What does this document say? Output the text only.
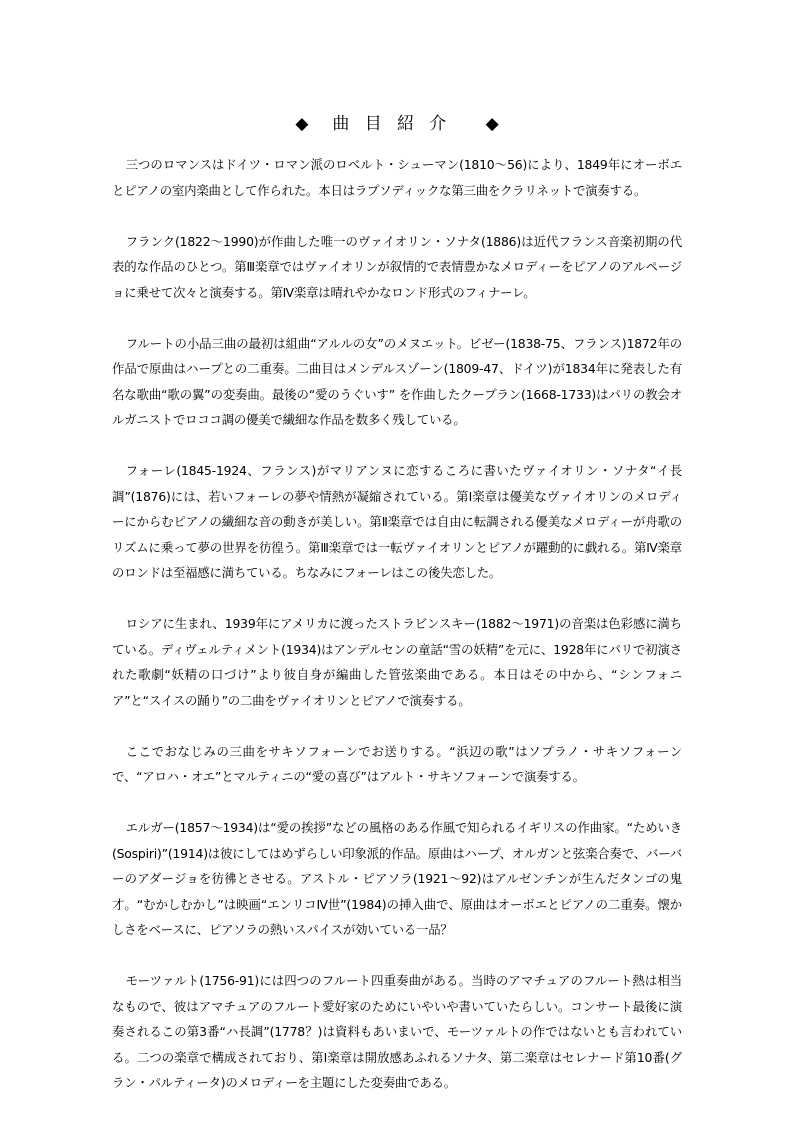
◆ 曲目紹介 ◆

三つのロマンスはドイツ・ロマン派のロベルト・シューマン(1810～56)により、1849年にオーボエとピアノの室内楽曲として作られた。本日はラプソディックな第三曲をクラリネットで演奏する。

フランク(1822～1990)が作曲した唯一のヴァイオリン・ソナタ(1886)は近代フランス音楽初期の代表的な作品のひとつ。第Ⅲ楽章ではヴァイオリンが叙情的で表情豊かなメロディーをピアノのアルページョに乗せて次々と演奏する。第Ⅳ楽章は晴れやかなロンド形式のフィナーレ。

フルートの小品三曲の最初は組曲“アルルの女”のメヌエット。ビゼー(1838-75、フランス)1872年の作品で原曲はハープとの二重奏。二曲目はメンデルスゾーン(1809-47、ドイツ)が1834年に発表した有名な歌曲“歌の翼”の変奏曲。最後の“愛のうぐいす” を作曲したクープラン(1668-1733)はパリの教会オルガニストでロココ調の優美で繊細な作品を数多く残している。

フォーレ(1845-1924、フランス)がマリアンヌに恋するころに書いたヴァイオリン・ソナタ“イ長調”(1876)には、若いフォーレの夢や情熱が凝縮されている。第Ⅰ楽章は優美なヴァイオリンのメロディーにからむピアノの繊細な音の動きが美しい。第Ⅱ楽章では自由に転調される優美なメロディーが舟歌のリズムに乗って夢の世界を彷徨う。第Ⅲ楽章では一転ヴァイオリンとピアノが躍動的に戯れる。第Ⅳ楽章のロンドは至福感に満ちている。ちなみにフォーレはこの後失恋した。

ロシアに生まれ、1939年にアメリカに渡ったストラビンスキー(1882～1971)の音楽は色彩感に満ちている。ディヴェルティメント(1934)はアンデルセンの童話“雪の妖精”を元に、1928年にパリで初演された歌劇“妖精の口づけ”より彼自身が編曲した管弦楽曲である。本日はその中から、“シンフォニア”と“スイスの踊り”の二曲をヴァイオリンとピアノで演奏する。

ここでおなじみの三曲をサキソフォーンでお送りする。“浜辺の歌”はソプラノ・サキソフォーンで、“アロハ・オエ”とマルティニの“愛の喜び”はアルト・サキソフォーンで演奏する。

エルガー(1857～1934)は“愛の挨拶”などの風格のある作風で知られるイギリスの作曲家。“ためいき(Sospiri)”(1914)は彼にしてはめずらしい印象派的作品。原曲はハープ、オルガンと弦楽合奏で、バーバーのアダージョを彷彿とさせる。アストル・ピアソラ(1921～92)はアルゼンチンが生んだタンゴの鬼才。“むかしむかし”は映画“エンリコⅣ世”(1984)の挿入曲で、原曲はオーボエとピアノの二重奏。懐かしさをベースに、ピアソラの熱いスパイスが効いている一品？

モーツァルト(1756-91)には四つのフルート四重奏曲がある。当時のアマチュアのフルート熱は相当なもので、彼はアマチュアのフルート愛好家のためにいやいや書いていたらしい。コンサート最後に演奏されるこの第3番“ハ長調”(1778？)は資料もあいまいで、モーツァルトの作ではないとも言われている。二つの楽章で構成されており、第Ⅰ楽章は開放感あふれるソナタ、第二楽章はセレナード第10番(グラン・パルティータ)のメロディーを主題にした変奏曲である。
